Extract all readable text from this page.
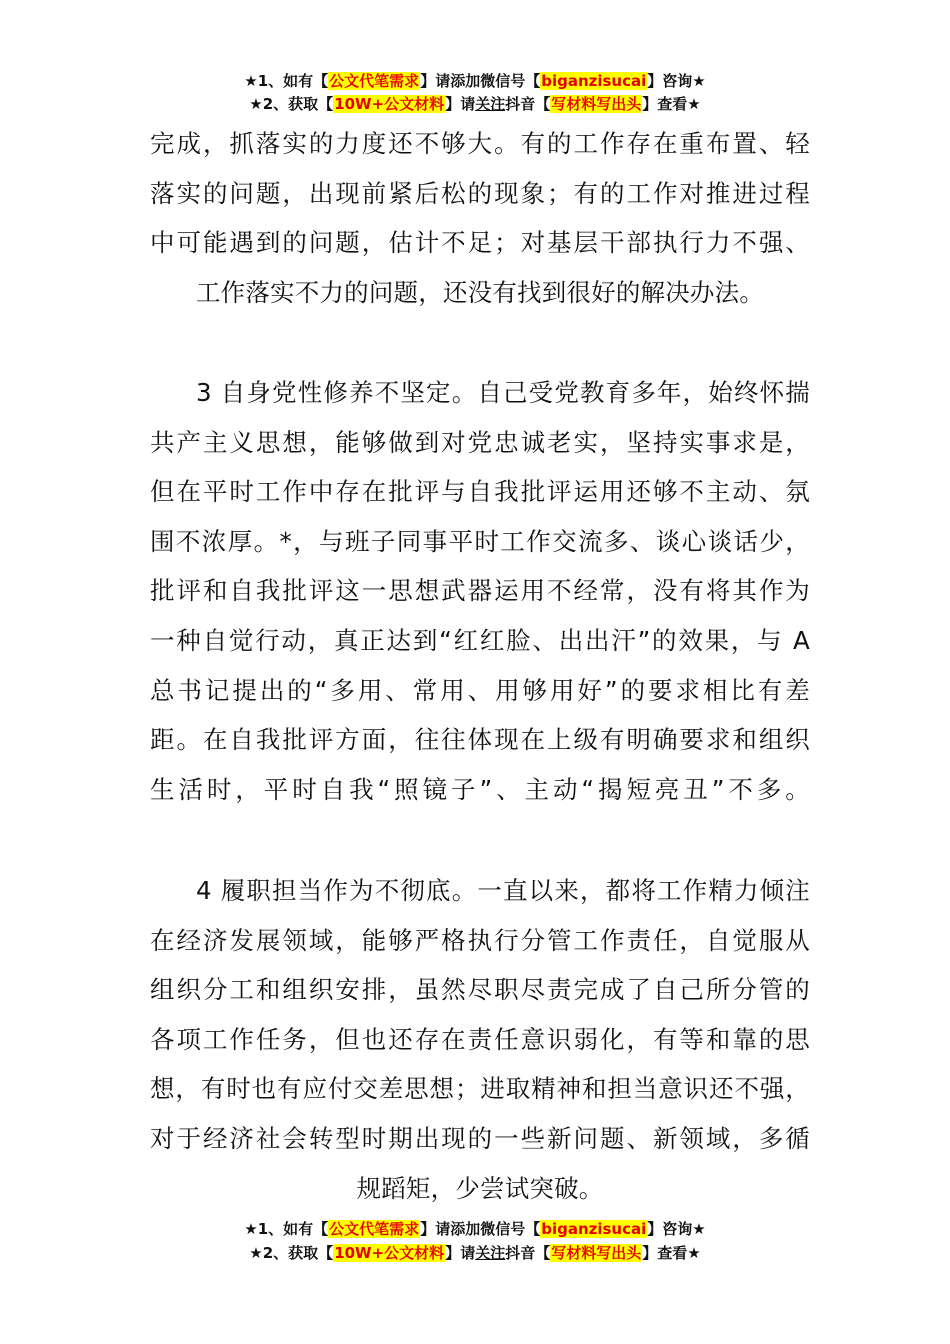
★1、如有【公文代笔需求】请添加微信号【biganzisucai】咨询★
★2、获取【10W+公文材料】请关注抖音【写材料写出头】查看★
完成，抓落实的力度还不够大。有的工作存在重布置、轻
落实的问题，出现前紧后松的现象；有的工作对推进过程
中可能遇到的问题，估计不足；对基层干部执行力不强、
工作落实不力的问题，还没有找到很好的解决办法。
3 自身党性修养不坚定。自己受党教育多年，始终怀揣
共产主义思想，能够做到对党忠诚老实，坚持实事求是，
但在平时工作中存在批评与自我批评运用还够不主动、氛
围不浓厚。*，与班子同事平时工作交流多、谈心谈话少，
批评和自我批评这一思想武器运用不经常，没有将其作为
一种自觉行动，真正达到“红红脸、出出汗”的效果，与 A
总书记提出的“多用、常用、用够用好”的要求相比有差
距。在自我批评方面，往往体现在上级有明确要求和组织
生活时，平时自我“照镜子”、主动“揭短亮丑”不多。
4 履职担当作为不彻底。一直以来，都将工作精力倾注
在经济发展领域，能够严格执行分管工作责任，自觉服从
组织分工和组织安排，虽然尽职尽责完成了自己所分管的
各项工作任务，但也还存在责任意识弱化，有等和靠的思
想，有时也有应付交差思想；进取精神和担当意识还不强，
对于经济社会转型时期出现的一些新问题、新领域，多循
规蹈矩，少尝试突破。
★1、如有【公文代笔需求】请添加微信号【biganzisucai】咨询★
★2、获取【10W+公文材料】请关注抖音【写材料写出头】查看★
